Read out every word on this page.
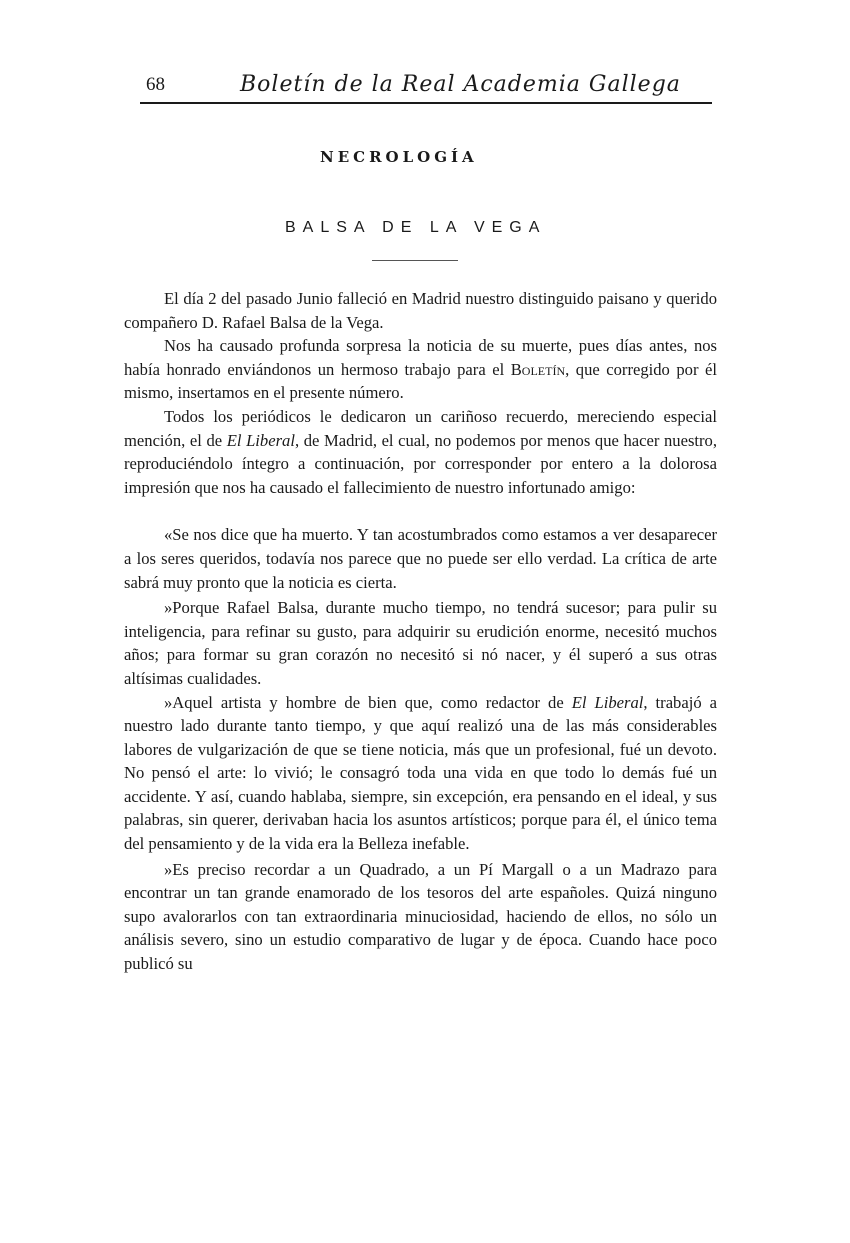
68	Boletín de la Real Academia Gallega
NECROLOGÍA
BALSA DE LA VEGA

El día 2 del pasado Junio falleció en Madrid nuestro distinguido paisano y querido compañero D. Rafael Balsa de la Vega.

Nos ha causado profunda sorpresa la noticia de su muerte, pues días antes, nos había honrado enviándonos un hermoso trabajo para el Boletín, que corregido por él mismo, insertamos en el presente número.

Todos los periódicos le dedicaron un cariñoso recuerdo, mereciendo especial mención, el de El Liberal, de Madrid, el cual, no podemos por menos que hacer nuestro, reproduciéndolo íntegro a continuación, por corresponder por entero a la dolorosa impresión que nos ha causado el fallecimiento de nuestro infortunado amigo:

«Se nos dice que ha muerto. Y tan acostumbrados como estamos a ver desaparecer a los seres queridos, todavía nos parece que no puede ser ello verdad. La crítica de arte sabrá muy pronto que la noticia es cierta.

»Porque Rafael Balsa, durante mucho tiempo, no tendrá sucesor; para pulir su inteligencia, para refinar su gusto, para adquirir su erudición enorme, necesitó muchos años; para formar su gran corazón no necesitó si nó nacer, y él superó a sus otras altísimas cualidades.

»Aquel artista y hombre de bien que, como redactor de El Liberal, trabajó a nuestro lado durante tanto tiempo, y que aquí realizó una de las más considerables labores de vulgarización de que se tiene noticia, más que un profesional, fué un devoto. No pensó el arte: lo vivió; le consagró toda una vida en que todo lo demás fué un accidente. Y así, cuando hablaba, siempre, sin excepción, era pensando en el ideal, y sus palabras, sin querer, derivaban hacia los asuntos artísticos; porque para él, el único tema del pensamiento y de la vida era la Belleza inefable.

»Es preciso recordar a un Quadrado, a un Pí Margall o a un Madrazo para encontrar un tan grande enamorado de los tesoros del arte españoles. Quizá ninguno supo avalorarlos con tan extraordinaria minuciosidad, haciendo de ellos, no sólo un análisis severo, sino un estudio comparativo de lugar y de época. Cuando hace poco publicó su
